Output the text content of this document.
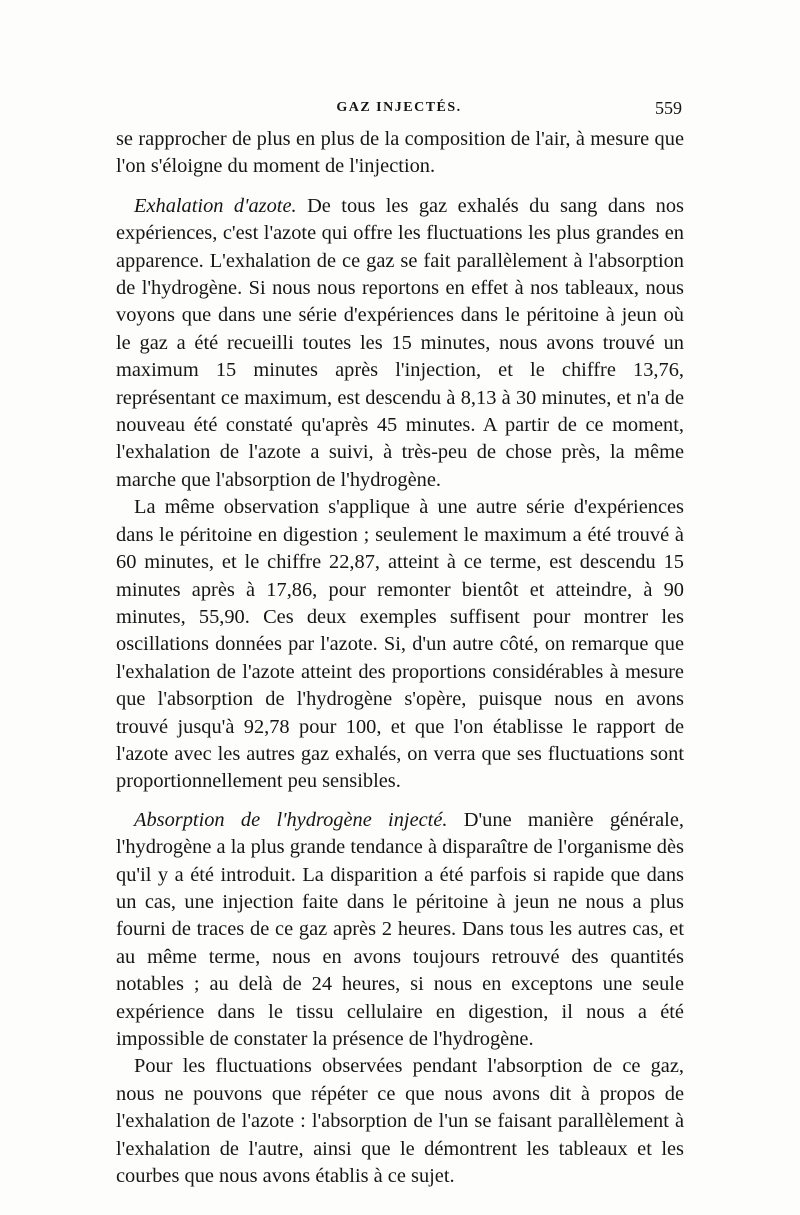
GAZ INJECTÉS.	559

se rapprocher de plus en plus de la composition de l'air, à mesure que l'on s'éloigne du moment de l'injection.

Exhalation d'azote. De tous les gaz exhalés du sang dans nos expériences, c'est l'azote qui offre les fluctuations les plus grandes en apparence. L'exhalation de ce gaz se fait parallèlement à l'absorption de l'hydrogène. Si nous nous reportons en effet à nos tableaux, nous voyons que dans une série d'expériences dans le péritoine à jeun où le gaz a été recueilli toutes les 15 minutes, nous avons trouvé un maximum 15 minutes après l'injection, et le chiffre 13,76, représentant ce maximum, est descendu à 8,13 à 30 minutes, et n'a de nouveau été constaté qu'après 45 minutes. A partir de ce moment, l'exhalation de l'azote a suivi, à très-peu de chose près, la même marche que l'absorption de l'hydrogène.

La même observation s'applique à une autre série d'expériences dans le péritoine en digestion ; seulement le maximum a été trouvé à 60 minutes, et le chiffre 22,87, atteint à ce terme, est descendu 15 minutes après à 17,86, pour remonter bientôt et atteindre, à 90 minutes, 55,90. Ces deux exemples suffisent pour montrer les oscillations données par l'azote. Si, d'un autre côté, on remarque que l'exhalation de l'azote atteint des proportions considérables à mesure que l'absorption de l'hydrogène s'opère, puisque nous en avons trouvé jusqu'à 92,78 pour 100, et que l'on établisse le rapport de l'azote avec les autres gaz exhalés, on verra que ses fluctuations sont proportionnellement peu sensibles.

Absorption de l'hydrogène injecté. D'une manière générale, l'hydrogène a la plus grande tendance à disparaître de l'organisme dès qu'il y a été introduit. La disparition a été parfois si rapide que dans un cas, une injection faite dans le péritoine à jeun ne nous a plus fourni de traces de ce gaz après 2 heures. Dans tous les autres cas, et au même terme, nous en avons toujours retrouvé des quantités notables ; au delà de 24 heures, si nous en exceptons une seule expérience dans le tissu cellulaire en digestion, il nous a été impossible de constater la présence de l'hydrogène.

Pour les fluctuations observées pendant l'absorption de ce gaz, nous ne pouvons que répéter ce que nous avons dit à propos de l'exhalation de l'azote : l'absorption de l'un se faisant parallèlement à l'exhalation de l'autre, ainsi que le démontrent les tableaux et les courbes que nous avons établis à ce sujet.
